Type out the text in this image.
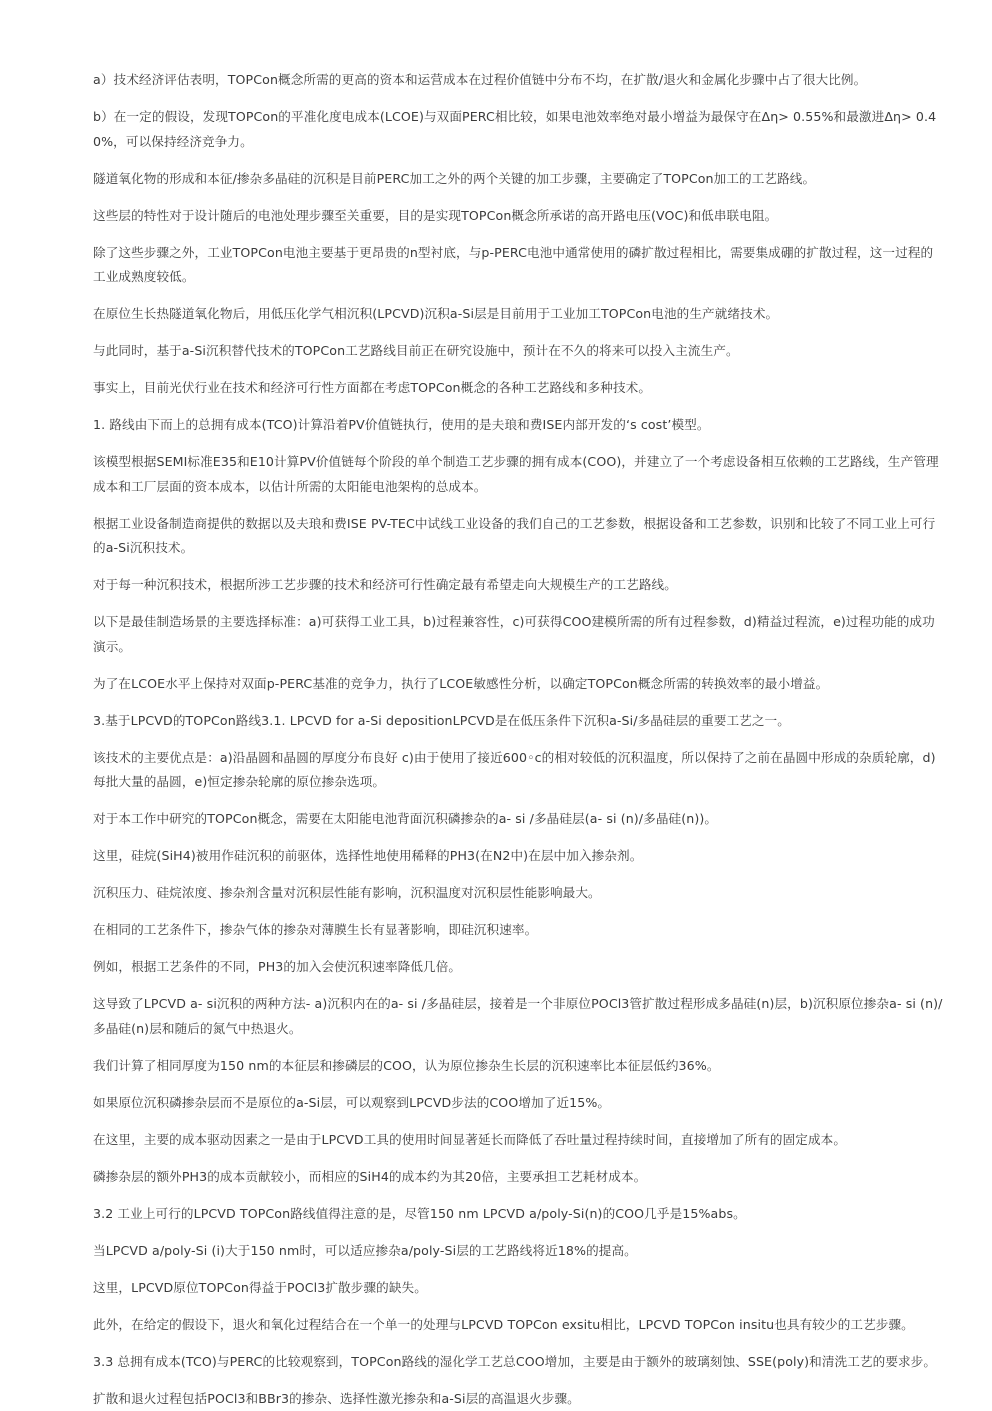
a）技术经济评估表明，TOPCon概念所需的更高的资本和运营成本在过程价值链中分布不均，在扩散/退火和金属化步骤中占了很大比例。

b）在一定的假设，发现TOPCon的平准化度电成本(LCOE)与双面PERC相比较，如果电池效率绝对最小增益为最保守在Δη> 0.55%和最激进Δη> 0.40%，可以保持经济竞争力。

隧道氧化物的形成和本征/掺杂多晶硅的沉积是目前PERC加工之外的两个关键的加工步骤，主要确定了TOPCon加工的工艺路线。

这些层的特性对于设计随后的电池处理步骤至关重要，目的是实现TOPCon概念所承诺的高开路电压(VOC)和低串联电阻。

除了这些步骤之外，工业TOPCon电池主要基于更昂贵的n型衬底，与p-PERC电池中通常使用的磷扩散过程相比，需要集成硼的扩散过程，这一过程的工业成熟度较低。

在原位生长热隧道氧化物后，用低压化学气相沉积(LPCVD)沉积a-Si层是目前用于工业加工TOPCon电池的生产就绪技术。

与此同时，基于a-Si沉积替代技术的TOPCon工艺路线目前正在研究设施中，预计在不久的将来可以投入主流生产。

事实上，目前光伏行业在技术和经济可行性方面都在考虑TOPCon概念的各种工艺路线和多种技术。

1. 路线由下而上的总拥有成本(TCO)计算沿着PV价值链执行，使用的是夫琅和费ISE内部开发的‘s cost’模型。

该模型根据SEMI标准E35和E10计算PV价值链每个阶段的单个制造工艺步骤的拥有成本(COO)，并建立了一个考虑设备相互依赖的工艺路线，生产管理成本和工厂层面的资本成本，以估计所需的太阳能电池架构的总成本。

根据工业设备制造商提供的数据以及夫琅和费ISE PV-TEC中试线工业设备的我们自己的工艺参数，根据设备和工艺参数，识别和比较了不同工业上可行的a-Si沉积技术。

对于每一种沉积技术，根据所涉工艺步骤的技术和经济可行性确定最有希望走向大规模生产的工艺路线。

以下是最佳制造场景的主要选择标准：a)可获得工业工具，b)过程兼容性，c)可获得COO建模所需的所有过程参数，d)精益过程流，e)过程功能的成功演示。

为了在LCOE水平上保持对双面p-PERC基准的竞争力，执行了LCOE敏感性分析，以确定TOPCon概念所需的转换效率的最小增益。

3.基于LPCVD的TOPCon路线3.1. LPCVD for a-Si depositionLPCVD是在低压条件下沉积a-Si/多晶硅层的重要工艺之一。

该技术的主要优点是：a)沿晶圆和晶圆的厚度分布良好 c)由于使用了接近600◦c的相对较低的沉积温度，所以保持了之前在晶圆中形成的杂质轮廓，d)每批大量的晶圆，e)恒定掺杂轮廓的原位掺杂选项。

对于本工作中研究的TOPCon概念，需要在太阳能电池背面沉积磷掺杂的a- si /多晶硅层(a- si (n)/多晶硅(n))。

这里，硅烷(SiH4)被用作硅沉积的前驱体，选择性地使用稀释的PH3(在N2中)在层中加入掺杂剂。

沉积压力、硅烷浓度、掺杂剂含量对沉积层性能有影响，沉积温度对沉积层性能影响最大。

在相同的工艺条件下，掺杂气体的掺杂对薄膜生长有显著影响，即硅沉积速率。

例如，根据工艺条件的不同，PH3的加入会使沉积速率降低几倍。

这导致了LPCVD a- si沉积的两种方法- a)沉积内在的a- si /多晶硅层，接着是一个非原位POCl3管扩散过程形成多晶硅(n)层，b)沉积原位掺杂a- si (n)/多晶硅(n)层和随后的氮气中热退火。

我们计算了相同厚度为150 nm的本征层和掺磷层的COO，认为原位掺杂生长层的沉积速率比本征层低约36%。

如果原位沉积磷掺杂层而不是原位的a-Si层，可以观察到LPCVD步法的COO增加了近15%。

在这里，主要的成本驱动因素之一是由于LPCVD工具的使用时间显著延长而降低了吞吐量过程持续时间，直接增加了所有的固定成本。

磷掺杂层的额外PH3的成本贡献较小，而相应的SiH4的成本约为其20倍，主要承担工艺耗材成本。

3.2 工业上可行的LPCVD TOPCon路线值得注意的是，尽管150 nm LPCVD a/poly-Si(n)的COO几乎是15%abs。

当LPCVD a/poly-Si (i)大于150 nm时，可以适应掺杂a/poly-Si层的工艺路线将近18%的提高。

这里，LPCVD原位TOPCon得益于POCl3扩散步骤的缺失。

此外，在给定的假设下，退火和氧化过程结合在一个单一的处理与LPCVD TOPCon exsitu相比，LPCVD TOPCon insitu也具有较少的工艺步骤。

3.3 总拥有成本(TCO)与PERC的比较观察到，TOPCon路线的湿化学工艺总COO增加，主要是由于额外的玻璃刻蚀、SSE(poly)和清洗工艺的要求步。

扩散和退火过程包括POCl3和BBr3的掺杂、选择性激光掺杂和a-Si层的高温退火步骤。
